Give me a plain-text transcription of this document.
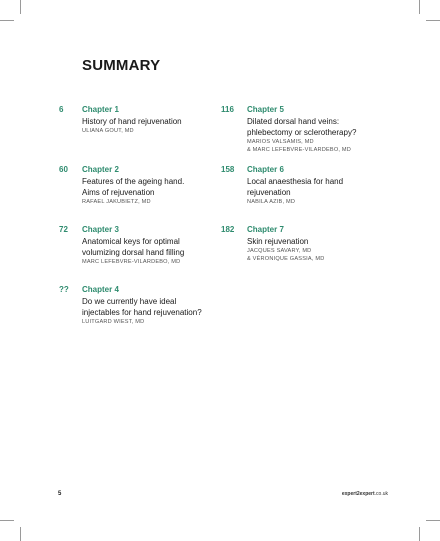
SUMMARY
6	Chapter 1
History of hand rejuvenation
ULIANA GOUT, MD
60	Chapter 2
Features of the ageing hand.
Aims of rejuvenation
RAFAEL JAKUBIETZ, MD
72	Chapter 3
Anatomical keys for optimal
volumizing dorsal hand filling
MARC LEFEBVRE-VILARDEBO, MD
??	Chapter 4
Do we currently have ideal
injectables for hand rejuvenation?
LUITGARD WIEST, MD
116	Chapter 5
Dilated dorsal hand veins:
phlebectomy or sclerotherapy?
MARIOS VALSAMIS, MD
& MARC LEFEBVRE-VILARDEBO, MD
158	Chapter 6
Local anaesthesia for hand
rejuvenation
NABILA AZIB, MD
182	Chapter 7
Skin rejuvenation
JACQUES SAVARY, MD
& VÉRONIQUE GASSIA, MD
5	expert2expert.co.uk
